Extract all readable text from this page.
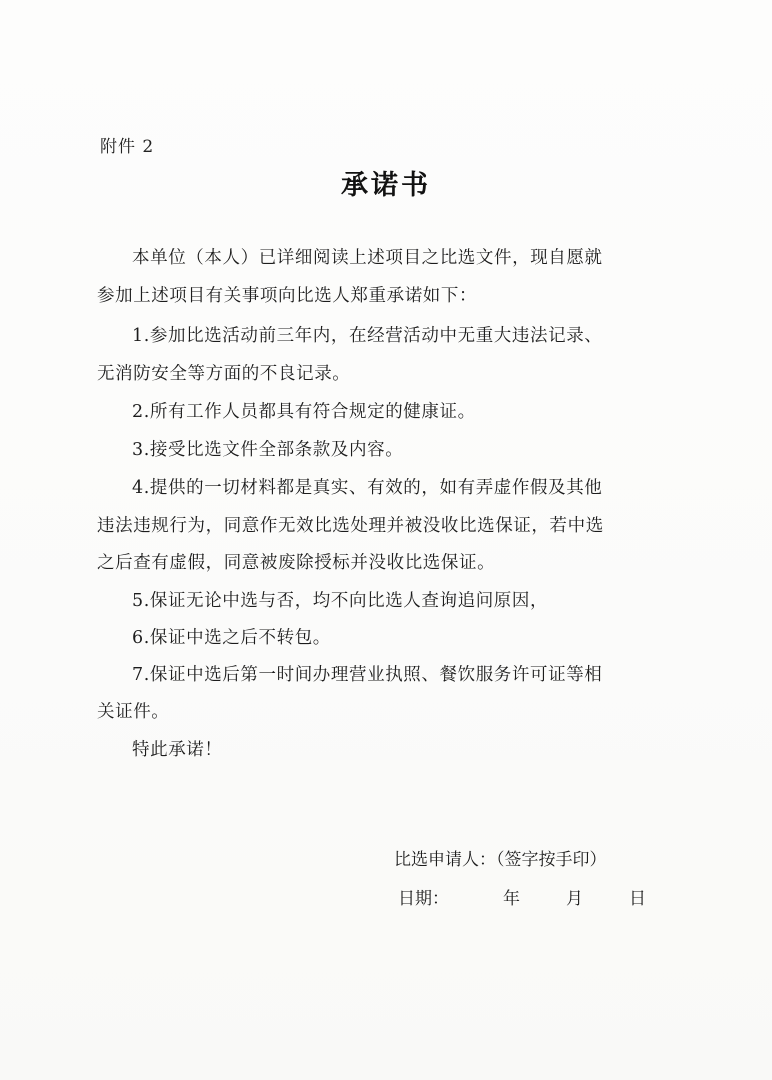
附件 2
承诺书
本单位（本人）已详细阅读上述项目之比选文件，现自愿就
参加上述项目有关事项向比选人郑重承诺如下：
1.参加比选活动前三年内，在经营活动中无重大违法记录、
无消防安全等方面的不良记录。
2.所有工作人员都具有符合规定的健康证。
3.接受比选文件全部条款及内容。
4.提供的一切材料都是真实、有效的，如有弄虚作假及其他
违法违规行为，同意作无效比选处理并被没收比选保证，若中选
之后查有虚假，同意被废除授标并没收比选保证。
5.保证无论中选与否，均不向比选人查询追问原因，
6.保证中选之后不转包。
7.保证中选后第一时间办理营业执照、餐饮服务许可证等相
关证件。
特此承诺！
比选申请人：（签字按手印）
日期：	年	月	日
